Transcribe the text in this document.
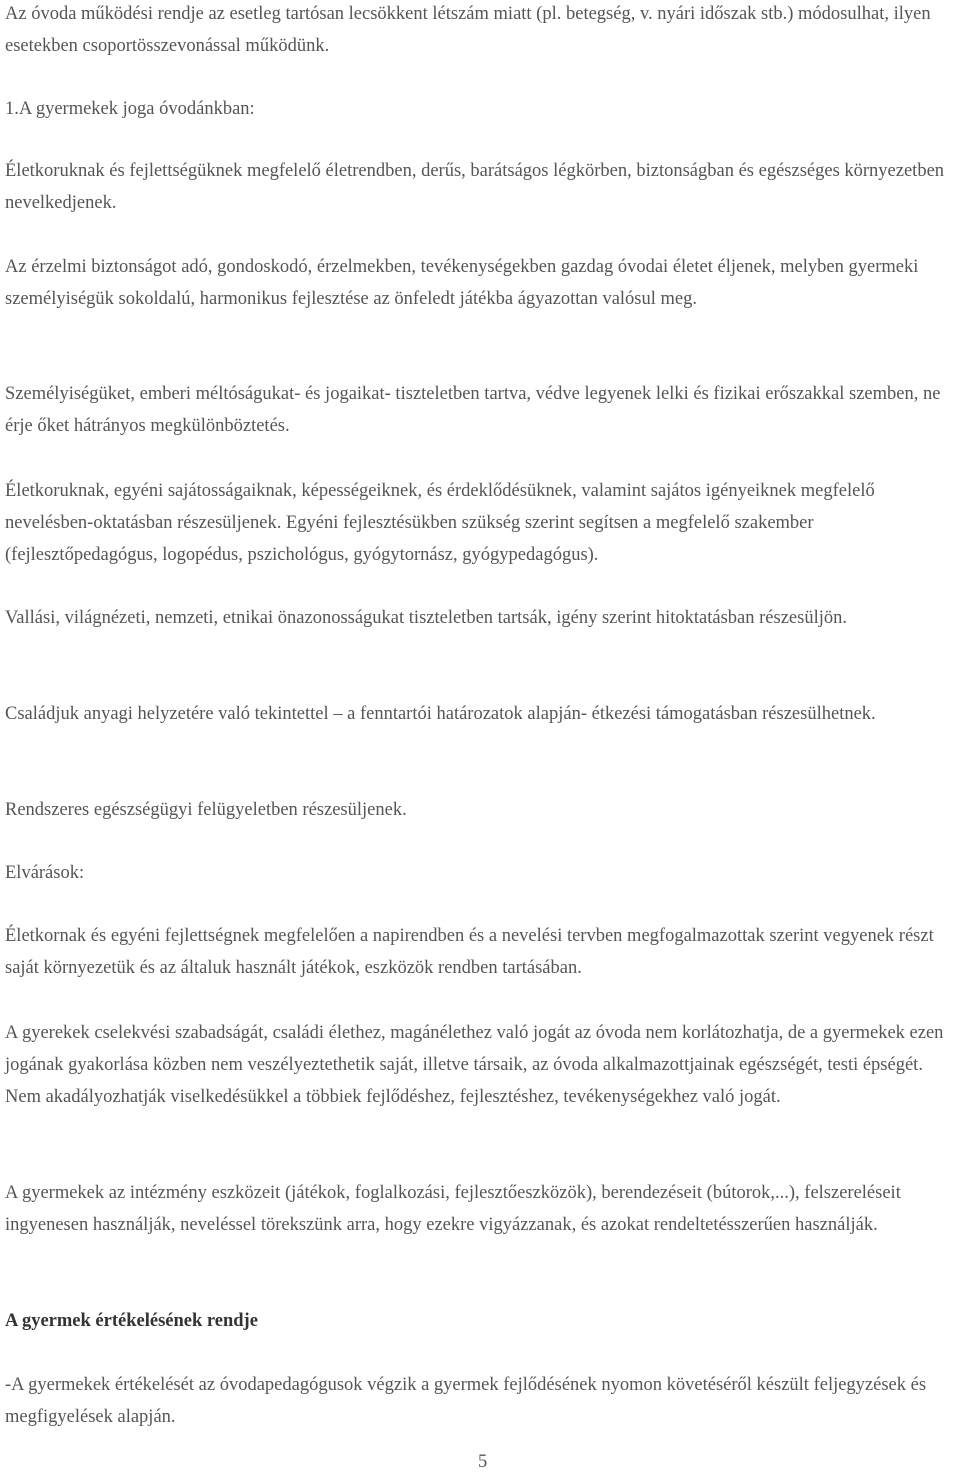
Az óvoda működési rendje az esetleg tartósan lecsökkent létszám miatt (pl. betegség, v. nyári időszak stb.) módosulhat, ilyen esetekben csoportösszevonással működünk.

1.A gyermekek joga óvodánkban:

Életkoruknak és fejlettségüknek megfelelő életrendben, derűs, barátságos légkörben, biztonságban és egészséges környezetben nevelkedjenek.

Az érzelmi biztonságot adó, gondoskodó, érzelmekben, tevékenységekben gazdag óvodai életet éljenek, melyben gyermeki személyiségük sokoldalú, harmonikus fejlesztése az önfeledt játékba ágyazottan valósul meg.

Személyiségüket, emberi méltóságukat- és jogaikat- tiszteletben tartva, védve legyenek lelki és fizikai erőszakkal szemben, ne érje őket hátrányos megkülönböztetés.

Életkoruknak, egyéni sajátosságaiknak, képességeiknek, és érdeklődésüknek, valamint sajátos igényeiknek megfelelő nevelésben-oktatásban részesüljenek. Egyéni fejlesztésükben szükség szerint segítsen a megfelelő szakember (fejlesztőpedagógus, logopédus, pszichológus, gyógytornász, gyógypedagógus).

Vallási, világnézeti, nemzeti, etnikai önazonosságukat tiszteletben tartsák, igény szerint hitoktatásban részesüljön.

Családjuk anyagi helyzetére való tekintettel – a fenntartói határozatok alapján- étkezési támogatásban részesülhetnek.

Rendszeres egészségügyi felügyeletben részesüljenek.

Elvárások:

Életkornak és egyéni fejlettségnek megfelelően a napirendben és a nevelési tervben megfogalmazottak szerint vegyenek részt saját környezetük és az általuk használt játékok, eszközök rendben tartásában.

A gyerekek cselekvési szabadságát, családi élethez, magánélethez való jogát az óvoda nem korlátozhatja, de a gyermekek ezen jogának gyakorlása közben nem veszélyeztethetik saját, illetve társaik, az óvoda alkalmazottjainak egészségét, testi épségét. Nem akadályozhatják viselkedésükkel a többiek fejlődéshez, fejlesztéshez, tevékenységekhez való jogát.

A gyermekek az intézmény eszközeit (játékok, foglalkozási, fejlesztőeszközök), berendezéseit (bútorok,...), felszereléseit ingyenesen használják, neveléssel törekszünk arra, hogy ezekre vigyázzanak, és azokat rendeltetésszerűen használják.

A gyermek értékelésének rendje

-A gyermekek értékelését az óvodapedagógusok végzik a gyermek fejlődésének nyomon követéséről készült feljegyzések és megfigyelések alapján.

5
